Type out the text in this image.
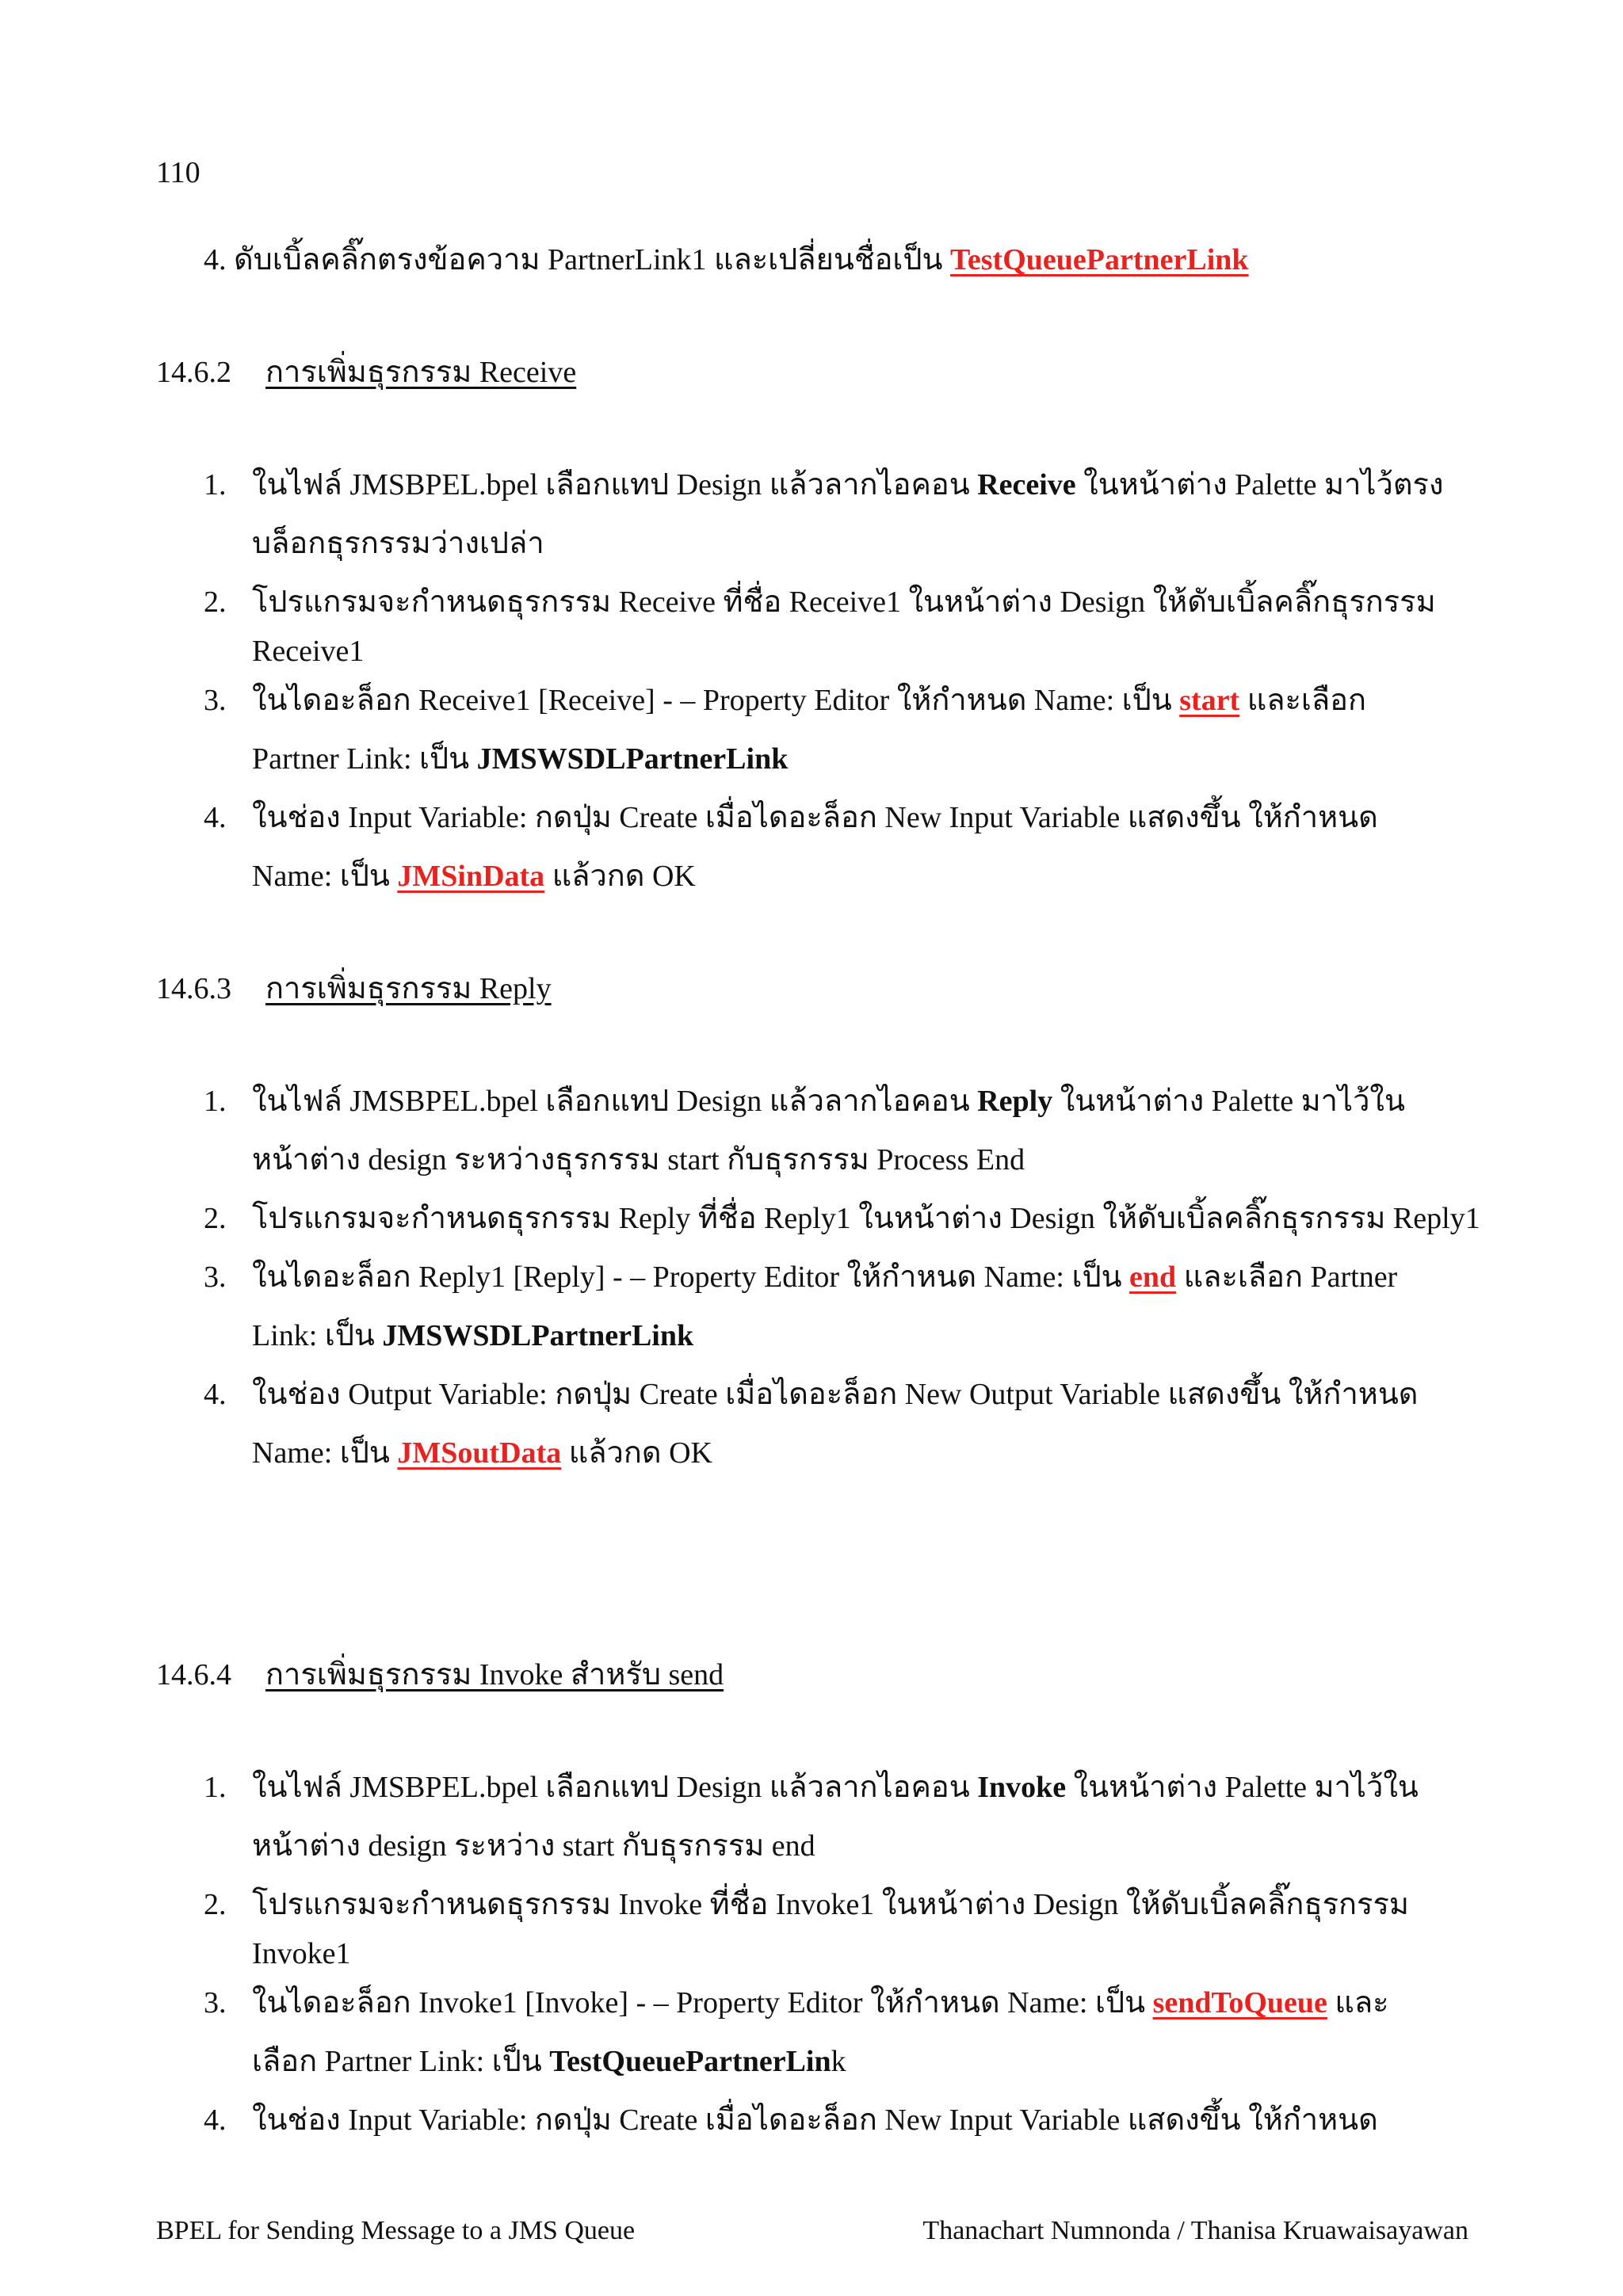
110
4. ดับเบิ้ลคลิ๊กตรงข้อความ PartnerLink1 และเปลี่ยนชื่อเป็น TestQueuePartnerLink
14.6.2 การเพิ่มธุรกรรม Receive
1. ในไฟล์ JMSBPEL.bpel เลือกแทป Design แล้วลากไอคอน Receive ในหน้าต่าง Palette มาไว้ตรง
บล็อกธุรกรรมว่างเปล่า
2. โปรแกรมจะกำหนดธุรกรรม Receive ที่ชื่อ Receive1 ในหน้าต่าง Design ให้ดับเบิ้ลคลิ๊กธุรกรรม
Receive1
3. ในไดอะล็อก Receive1 [Receive] - – Property Editor ให้กำหนด Name: เป็น start และเลือก
Partner Link: เป็น JMSWSDLPartnerLink
4. ในช่อง Input Variable: กดปุ่ม Create เมื่อไดอะล็อก New Input Variable แสดงขึ้น ให้กำหนด
Name: เป็น JMSinData แล้วกด OK
14.6.3 การเพิ่มธุรกรรม Reply
1. ในไฟล์ JMSBPEL.bpel เลือกแทป Design แล้วลากไอคอน Reply ในหน้าต่าง Palette มาไว้ใน
หน้าต่าง design ระหว่างธุรกรรม start กับธุรกรรม Process End
2. โปรแกรมจะกำหนดธุรกรรม Reply ที่ชื่อ Reply1 ในหน้าต่าง Design ให้ดับเบิ้ลคลิ๊กธุรกรรม Reply1
3. ในไดอะล็อก Reply1 [Reply] - – Property Editor ให้กำหนด Name: เป็น end และเลือก Partner
Link: เป็น JMSWSDLPartnerLink
4. ในช่อง Output Variable: กดปุ่ม Create เมื่อไดอะล็อก New Output Variable แสดงขึ้น ให้กำหนด
Name: เป็น JMSoutData แล้วกด OK
14.6.4 การเพิ่มธุรกรรม Invoke สำหรับ send
1. ในไฟล์ JMSBPEL.bpel เลือกแทป Design แล้วลากไอคอน Invoke ในหน้าต่าง Palette มาไว้ใน
หน้าต่าง design ระหว่าง start กับธุรกรรม end
2. โปรแกรมจะกำหนดธุรกรรม Invoke ที่ชื่อ Invoke1 ในหน้าต่าง Design ให้ดับเบิ้ลคลิ๊กธุรกรรม
Invoke1
3. ในไดอะล็อก Invoke1 [Invoke] - – Property Editor ให้กำหนด Name: เป็น sendToQueue และ
เลือก Partner Link: เป็น TestQueuePartnerLink
4. ในช่อง Input Variable: กดปุ่ม Create เมื่อไดอะล็อก New Input Variable แสดงขึ้น ให้กำหนด
BPEL for Sending Message to a JMS Queue	Thanachart Numnonda / Thanisa Kruawaisayawan
